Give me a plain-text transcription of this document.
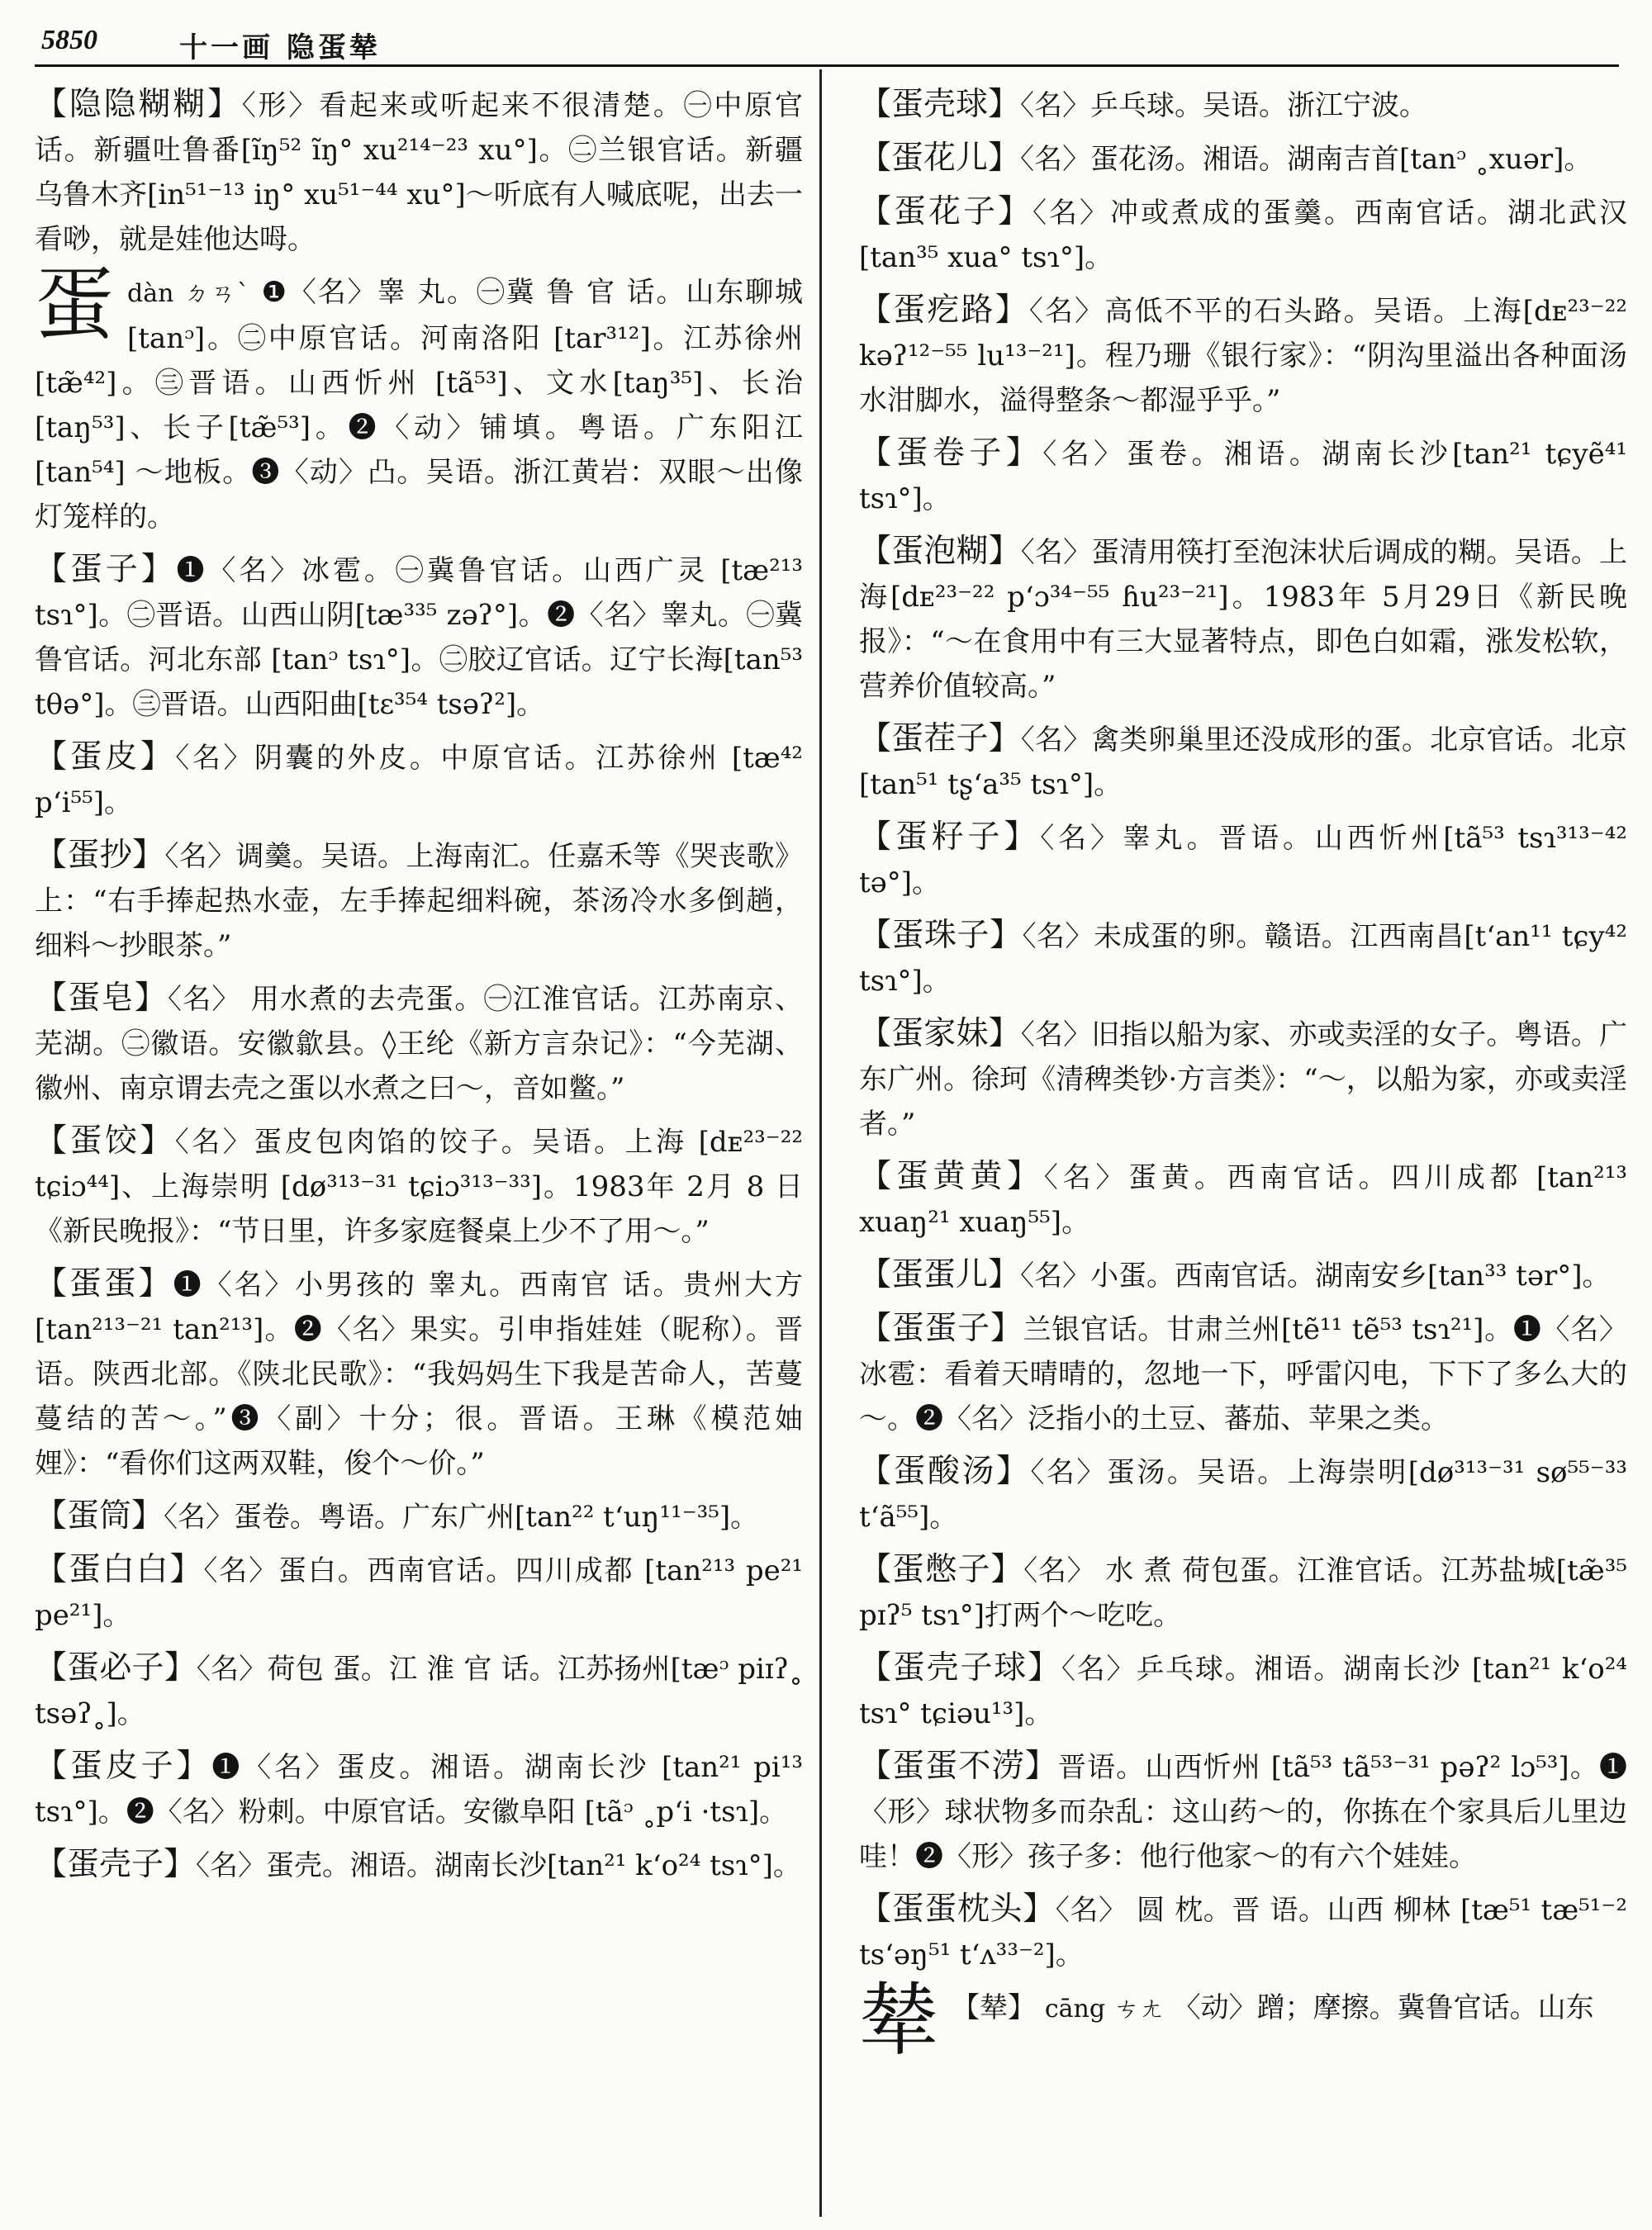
5850	十一画 隐蛋辇
【隐隐糊糊】〈形〉看起来或听起来不很清楚。㊀中原官话。新疆吐鲁番[ĩŋ⁵² ĩŋ° xu²¹⁴⁻²³ xu°]。㊁兰银官话。新疆乌鲁木齐[in⁵¹⁻¹³ iŋ° xu⁵¹⁻⁴⁴ xu°]～听底有人喊底呢，出去一看唦，就是娃他达呣。
蛋 dàn ㄉㄢˋ ❶〈名〉睾 丸。㊀冀 鲁 官 话。山东聊城[tanᵓ]。㊁中原官话。河南洛阳 [tar³¹²]。江苏徐州[tæ̃⁴²]。㊂晋语。山西忻州 [tã⁵³]、文水[taŋ³⁵]、长治 [taŋ⁵³]、长子[tæ̃⁵³]。❷〈动〉铺填。粤语。广东阳江[tan⁵⁴] ～地板。❸〈动〉凸。吴语。浙江黄岩：双眼～出像灯笼样的。
【蛋子】❶〈名〉冰雹。㊀冀鲁官话。山西广灵 [tæ²¹³ tsɿ°]。㊁晋语。山西山阴[tæ³³⁵ zəʔ°]。❷〈名〉睾丸。㊀冀鲁官话。河北东部 [tanᵓ tsɿ°]。㊁胶辽官话。辽宁长海[tan⁵³ tθə°]。㊂晋语。山西阳曲[tɛ³⁵⁴ tsəʔ²]。
【蛋皮】〈名〉阴囊的外皮。中原官话。江苏徐州 [tæ⁴² pʻi⁵⁵]。
【蛋抄】〈名〉调羹。吴语。上海南汇。任嘉禾等《哭丧歌》上：“右手捧起热水壶，左手捧起细料碗，茶汤冷水多倒趟，细料～抄眼茶。”
【蛋皂】〈名〉 用水煮的去壳蛋。㊀江淮官话。江苏南京、芜湖。㊁徽语。安徽歙县。◊王纶《新方言杂记》：“今芜湖、徽州、南京谓去壳之蛋以水煮之曰～，音如鳖。”
【蛋饺】〈名〉蛋皮包肉馅的饺子。吴语。上海 [dᴇ²³⁻²² tɕiɔ⁴⁴]、上海崇明 [dø³¹³⁻³¹ tɕiɔ³¹³⁻³³]。1983年 2月 8 日《新民晚报》：“节日里，许多家庭餐桌上少不了用～。”
【蛋蛋】❶〈名〉小男孩的 睾丸。西南官 话。贵州大方 [tan²¹³⁻²¹ tan²¹³]。❷〈名〉果实。引申指娃娃（昵称）。晋语。陕西北部。《陕北民歌》：“我妈妈生下我是苦命人，苦蔓蔓结的苦～。”❸〈副〉十分；很。晋语。王琳《模范妯娌》：“看你们这两双鞋，俊个～价。”
【蛋筒】〈名〉蛋卷。粤语。广东广州[tan²² tʻuŋ¹¹⁻³⁵]。
【蛋白白】〈名〉蛋白。西南官话。四川成都 [tan²¹³ pe²¹ pe²¹]。
【蛋必子】〈名〉荷包 蛋。江 淮 官 话。江苏扬州[tæᵓ piɪʔ˳ tsəʔ˳]。
【蛋皮子】❶〈名〉蛋皮。湘语。湖南长沙 [tan²¹ pi¹³ tsɿ°]。❷〈名〉粉刺。中原官话。安徽阜阳 [tãᵓ ˳pʻi ·tsɿ]。
【蛋壳子】〈名〉蛋壳。湘语。湖南长沙[tan²¹ kʻo²⁴ tsɿ°]。
【蛋壳球】〈名〉乒乓球。吴语。浙江宁波。
【蛋花儿】〈名〉蛋花汤。湘语。湖南吉首[tanᵓ ˳xuər]。
【蛋花子】〈名〉冲或煮成的蛋羹。西南官话。湖北武汉[tan³⁵ xua° tsɿ°]。
【蛋疙路】〈名〉高低不平的石头路。吴语。上海[dᴇ²³⁻²² kəʔ¹²⁻⁵⁵ lu¹³⁻²¹]。程乃珊《银行家》：“阴沟里溢出各种面汤水泔脚水，溢得整条～都湿乎乎。”
【蛋卷子】〈名〉蛋卷。湘语。湖南长沙[tan²¹ tɕyẽ⁴¹ tsɿ°]。
【蛋泡糊】〈名〉蛋清用筷打至泡沫状后调成的糊。吴语。上海[dᴇ²³⁻²² pʻɔ³⁴⁻⁵⁵ ɦu²³⁻²¹]。1983年 5月29日《新民晚报》：“～在食用中有三大显著特点，即色白如霜，涨发松软，营养价值较高。”
【蛋茬子】〈名〉禽类卵巢里还没成形的蛋。北京官话。北京[tan⁵¹ tʂʻa³⁵ tsɿ°]。
【蛋籽子】〈名〉睾丸。晋语。山西忻州[tã⁵³ tsɿ³¹³⁻⁴² tə°]。
【蛋珠子】〈名〉未成蛋的卵。赣语。江西南昌[tʻan¹¹ tɕy⁴² tsɿ°]。
【蛋家妹】〈名〉旧指以船为家、亦或卖淫的女子。粤语。广东广州。徐珂《清稗类钞·方言类》：“～，以船为家，亦或卖淫者。”
【蛋黄黄】〈名〉蛋黄。西南官话。四川成都 [tan²¹³ xuaŋ²¹ xuaŋ⁵⁵]。
【蛋蛋儿】〈名〉小蛋。西南官话。湖南安乡[tan³³ tər°]。
【蛋蛋子】兰银官话。甘肃兰州[tẽ¹¹ tẽ⁵³ tsɿ²¹]。❶〈名〉冰雹：看着天晴晴的，忽地一下，呼雷闪电，下下了多么大的～。❷〈名〉泛指小的土豆、蕃茄、苹果之类。
【蛋酸汤】〈名〉蛋汤。吴语。上海崇明[dø³¹³⁻³¹ sø⁵⁵⁻³³ tʻã⁵⁵]。
【蛋憋子】〈名〉 水 煮 荷包蛋。江淮官话。江苏盐城[tæ̃³⁵ pɪʔ⁵ tsɿ°]打两个～吃吃。
【蛋壳子球】〈名〉乒乓球。湘语。湖南长沙 [tan²¹ kʻo²⁴ tsɿ° tɕiəu¹³]。
【蛋蛋不涝】晋语。山西忻州 [tã⁵³ tã⁵³⁻³¹ pəʔ² lɔ⁵³]。❶〈形〉球状物多而杂乱：这山药～的，你拣在个家具后儿里边哇！❷〈形〉孩子多：他行他家～的有六个娃娃。
【蛋蛋枕头】〈名〉 圆 枕。晋 语。山西 柳林 [tæ⁵¹ tæ⁵¹⁻² tsʻəŋ⁵¹ tʻʌ³³⁻²]。
辇 【辇】 cāng ㄘㄤ 〈动〉蹭；摩擦。冀鲁官话。山东
